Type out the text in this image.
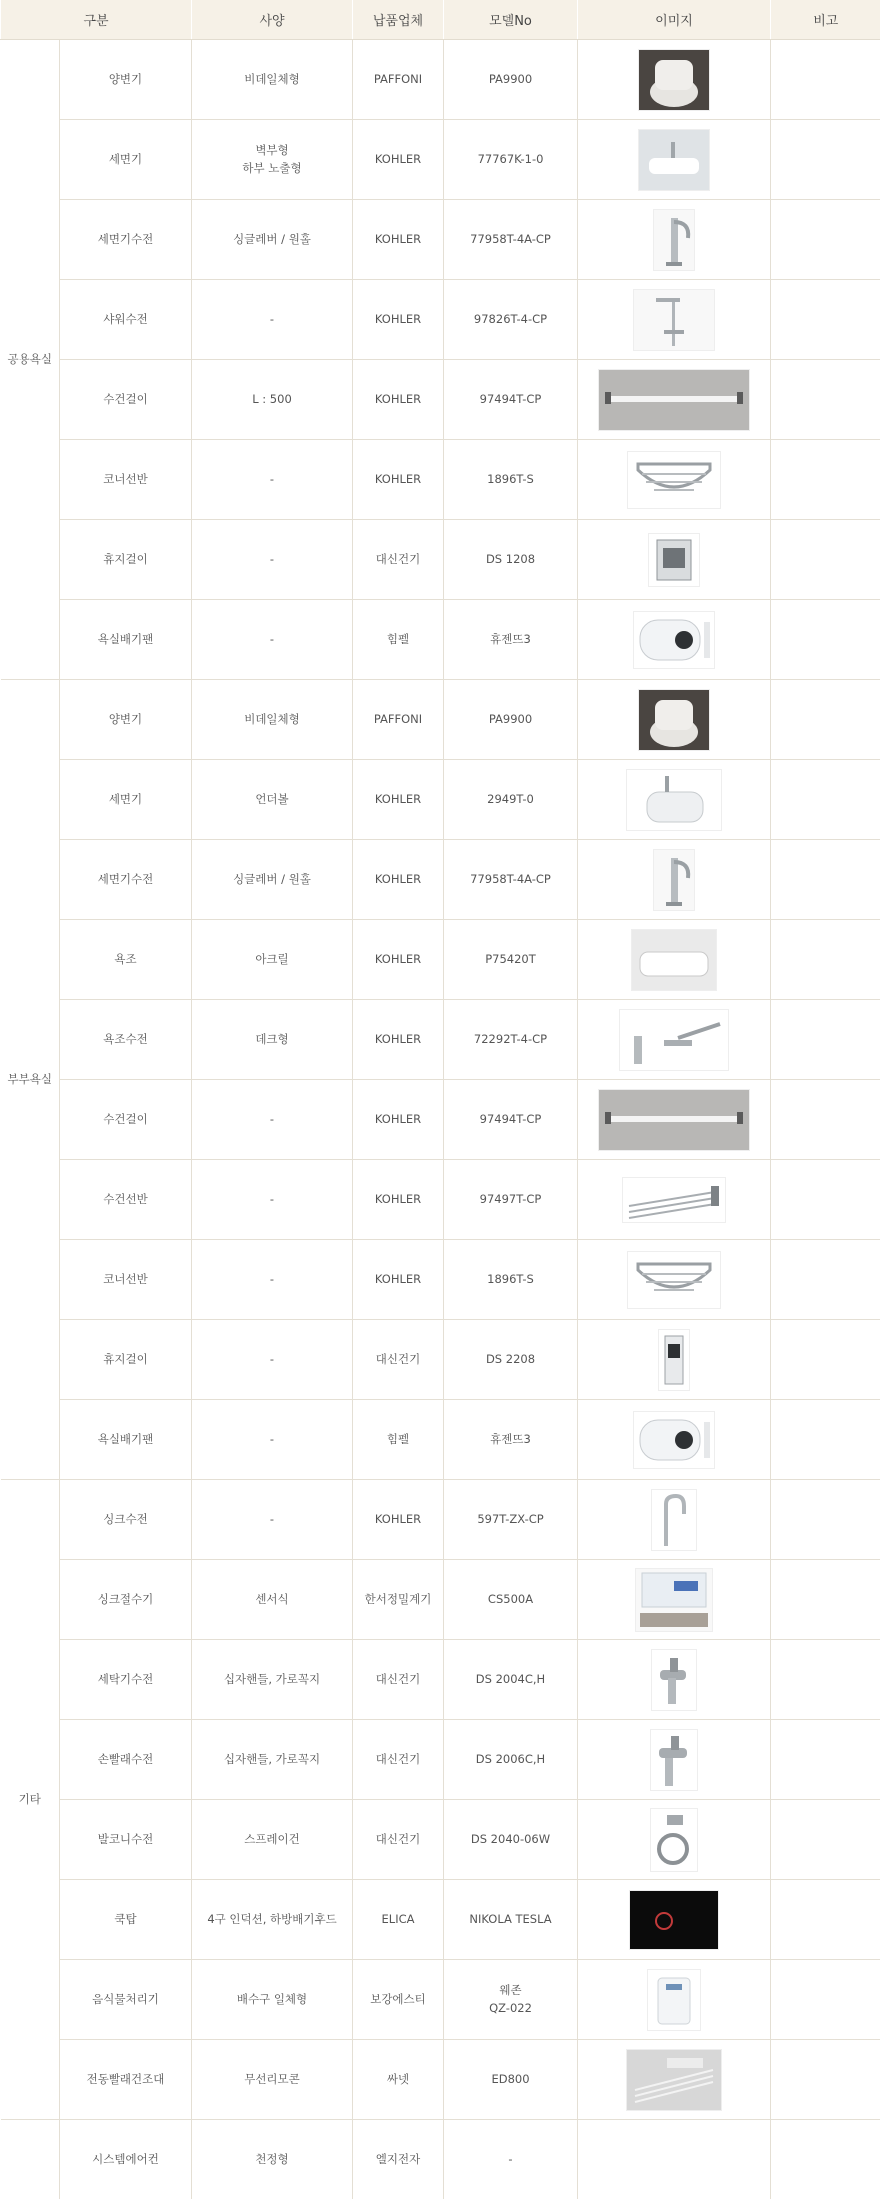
구분		사양	납품업체	모델No	이미지	비고
공용욕실	양변기	비데일체형	PAFFONI	PA9900	

	세면기	벽부형
하부 노출형	KOHLER	77767K-1-0	

	세면기수전	싱글레버 / 원홀	KOHLER	77958T-4A-CP	

	샤워수전	-	KOHLER	97826T-4-CP	

	수건걸이	L : 500	KOHLER	97494T-CP	

	코너선반	-	KOHLER	1896T-S	

	휴지걸이	-	대신건기	DS 1208	

	욕실배기팬	-	힘펠	휴젠뜨3	

부부욕실	양변기	비데일체형	PAFFONI	PA9900	

	세면기	언더볼	KOHLER	2949T-0	

	세면기수전	싱글레버 / 원홀	KOHLER	77958T-4A-CP	

	욕조	아크릴	KOHLER	P75420T	

	욕조수전	데크형	KOHLER	72292T-4-CP	

	수건걸이	-	KOHLER	97494T-CP	

	수건선반	-	KOHLER	97497T-CP	

	코너선반	-	KOHLER	1896T-S	

	휴지걸이	-	대신건기	DS 2208	

	욕실배기팬	-	힘펠	휴젠뜨3	

기타	싱크수전	-	KOHLER	597T-ZX-CP	

	싱크절수기	센서식	한서정밀계기	CS500A	

	세탁기수전	십자핸들, 가로꼭지	대신건기	DS 2004C,H	

	손빨래수전	십자핸들, 가로꼭지	대신건기	DS 2006C,H	

	발코니수전	스프레이건	대신건기	DS 2040-06W	

	쿡탑	4구 인덕션, 하방배기후드	ELICA	NIKOLA TESLA	

	음식물처리기	배수구 일체형	보강에스티	웨존
QZ-022	

	전동빨래건조대	무선리모콘	싸넷	ED800	

	시스템에어컨	천정형	엘지전자	-		
